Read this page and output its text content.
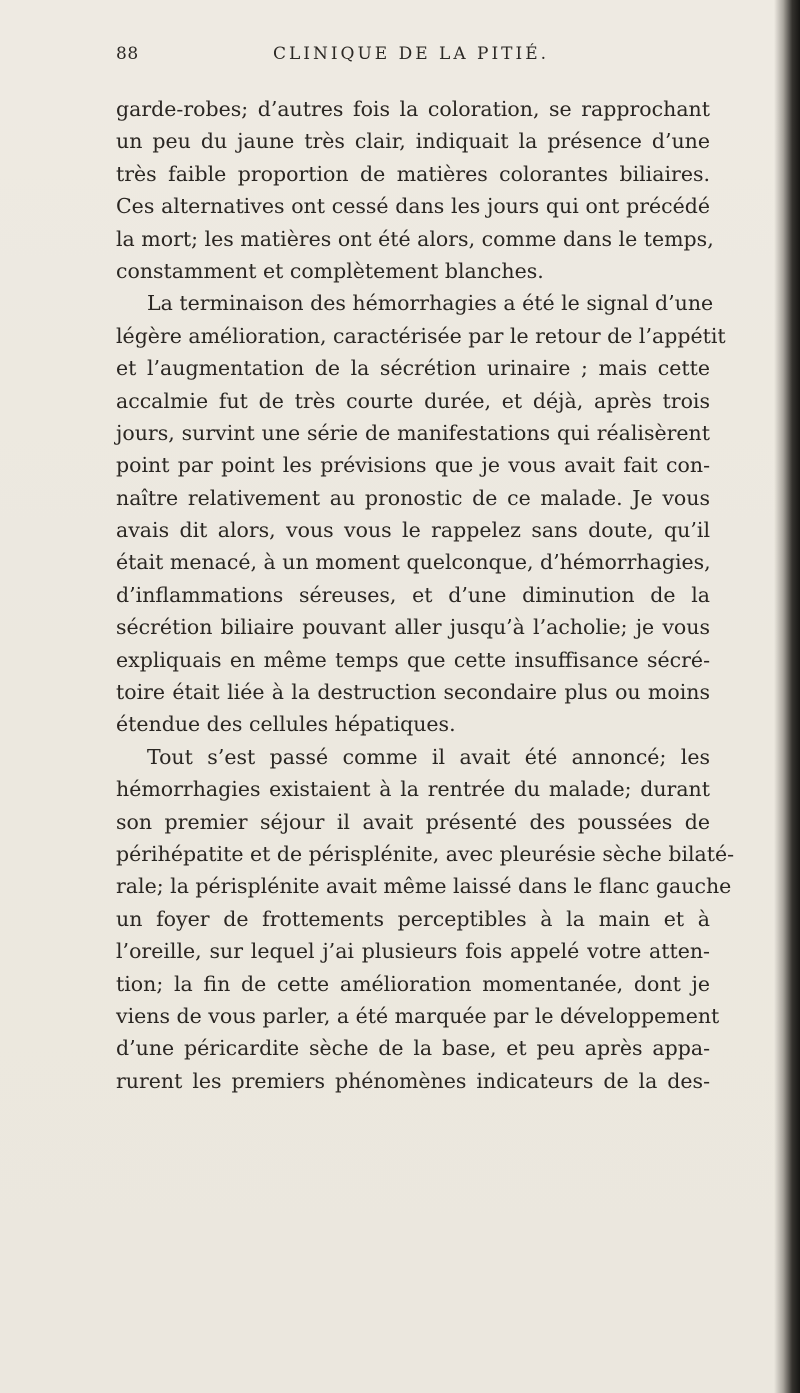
88	CLINIQUE DE LA PITIÉ.
garde-robes; d’autres fois la coloration, se rapprochant
un peu du jaune très clair, indiquait la présence d’une
très faible proportion de matières colorantes biliaires.
Ces alternatives ont cessé dans les jours qui ont précédé
la mort; les matières ont été alors, comme dans le temps,
constamment et complètement blanches.
La terminaison des hémorrhagies a été le signal d’une
légère amélioration, caractérisée par le retour de l’appétit
et l’augmentation de la sécrétion urinaire ; mais cette
accalmie fut de très courte durée, et déjà, après trois
jours, survint une série de manifestations qui réalisèrent
point par point les prévisions que je vous avait fait con-
naître relativement au pronostic de ce malade. Je vous
avais dit alors, vous vous le rappelez sans doute, qu’il
était menacé, à un moment quelconque, d’hémorrhagies,
d’inflammations séreuses, et d’une diminution de la
sécrétion biliaire pouvant aller jusqu’à l’acholie; je vous
expliquais en même temps que cette insuffisance sécré-
toire était liée à la destruction secondaire plus ou moins
étendue des cellules hépatiques.
Tout s’est passé comme il avait été annoncé; les
hémorrhagies existaient à la rentrée du malade; durant
son premier séjour il avait présenté des poussées de
périhépatite et de périsplénite, avec pleurésie sèche bilaté-
rale; la périsplénite avait même laissé dans le flanc gauche
un foyer de frottements perceptibles à la main et à
l’oreille, sur lequel j’ai plusieurs fois appelé votre atten-
tion; la fin de cette amélioration momentanée, dont je
viens de vous parler, a été marquée par le développement
d’une péricardite sèche de la base, et peu après appa-
rurent les premiers phénomènes indicateurs de la des-
